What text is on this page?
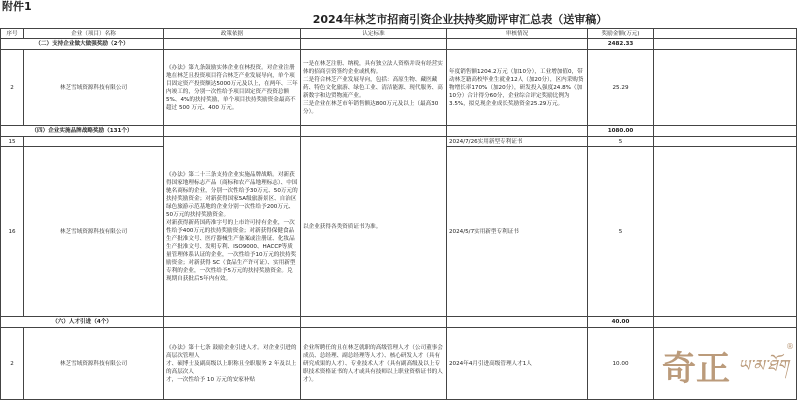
附件1
2024年林芝市招商引资企业扶持奖励评审汇总表（送审稿）
序号	企业（项目）名称	政策依据	认定标准	审核情况	奖励金额(万元)	
（二）支持企业做大做强奖励（2个）					2482.33	
2	林芝雪域资源科技有限公司	《办法》第九条鼓励实体企业在林投资。对企业注册地在林芝且投资项目符合林芝产业发展导向，单个项目固定资产投资额达5000万元及以上，在两年、三年内竣工的，分别一次性给予项目固定资产投资总额 5%、4%的扶持奖励，单个项目扶持奖励资金最高不超过 500 万元、400 万元。	一是在林芝注册、纳税，具有独立法人资格并设有经营实体的招商引资签约企业或机构。
二是符合林芝产业发展导向，包括：高原生物、藏医藏药、特色文化旅游、绿色工业、清洁能源、现代服务、高新数字和边贸物流产业。
三是企业在林芝市年销售额达800万元及以上（最高30分）。	年度销售额1204.2万元（加10分），工业增加值0，带动林芝籍高校毕业生就业12人（加20分），区内采购货物增长率170%（加20分），研发投入强度24.8%（加10分）合计得分60分，企业综合评定奖励比例为3.5%，拟兑现企业成长奖励资金25.29万元。	25.29	
（四）企业实施品牌战略奖励（131个）					1080.00	
15		《办法》第二十三条支持企业实施品牌战略。对新获得国家地理标志产品（商标和农产品地理标志）、中国驰名商标的企业，分别一次性给予30万元、50万元的扶持奖励资金；对新获得国家5A级旅游景区、自治区绿色旅游示范基地的企业分别一次性给予200万元、50万元的扶持奖励资金。
对新获得新药国药准字号的上市许可持有企业，一次性给予400万元的扶持奖励资金；对新获得保健食品生产批准文号、医疗器械生产备案或注册证、化妆品生产批准文号、发明专利、ISO9000、HACCP等质量管理体系认证的企业，一次性给予10万元的扶持奖励资金；对新获得 SC（食品生产许可证）、实用新型专利的企业，一次性给予5万元的扶持奖励资金。兑现期自获批后5年内有效。	以企业获得各类资质证书为准。	2024/7/26实用新型专利证书	5	
16	林芝雪域资源科技有限公司			2024/5/7实用新型专利证书	5	
（六）人才引进（4个）					40.00	
2	林芝雪域资源科技有限公司	《办法》第十七条 鼓励企业引进人才。对企业引进的高层次管理人
才、硕博士及副高级以上职称且全职服务 2 年及以上的高层次人
才，一次性给予 10 万元的安家补贴	企业所聘任的且在林芝就职的高级管理人才（公司董事会成员、总经理、副总经理等人才）、核心研发人才（具有研究成果的人才）、专业技术人才（具有副高级及以上专职技术资格证书的人才或具有技师以上职业资格证书的人才）。	2024年4月引进高级管理人才1人	10.00	奇正 ཡ་མ་ཐོག
®
